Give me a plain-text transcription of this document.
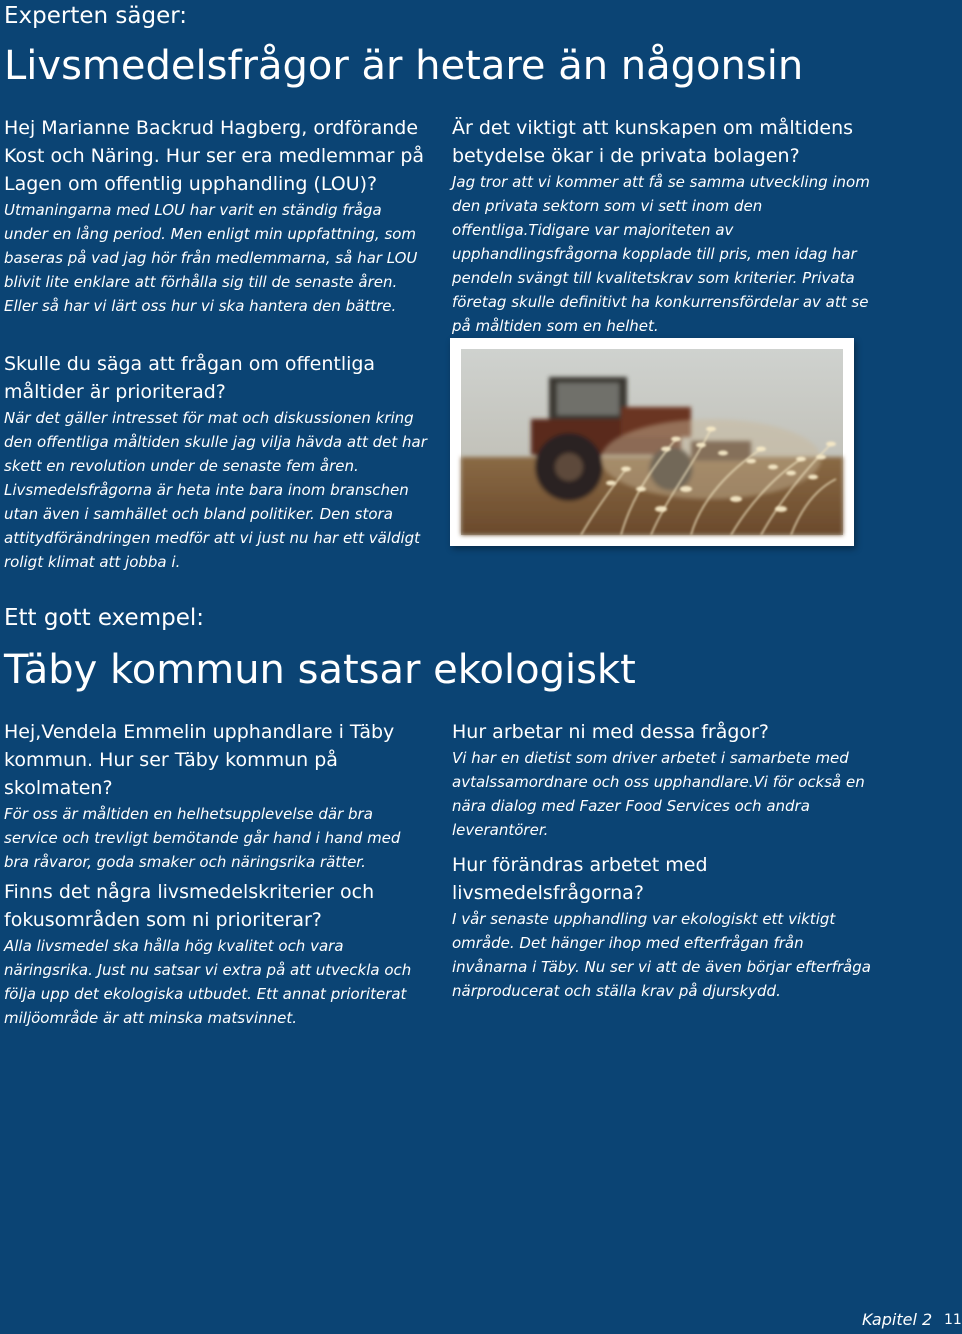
Experten säger:
Livsmedelsfrågor är hetare än någonsin

Hej Marianne Backrud Hagberg, ordförande Kost och Näring. Hur ser era medlemmar på Lagen om offentlig upphandling (LOU)?

Utmaningarna med LOU har varit en ständig fråga under en lång period. Men enligt min uppfattning, som baseras på vad jag hör från medlemmarna, så har LOU blivit lite enklare att förhålla sig till de senaste åren. Eller så har vi lärt oss hur vi ska hantera den bättre.

Är det viktigt att kunskapen om måltidens betydelse ökar i de privata bolagen?

Jag tror att vi kommer att få se samma utveckling inom den privata sektorn som vi sett inom den offentliga.Tidigare var majoriteten av upphandlingsfrågorna kopplade till pris, men idag har pendeln svängt till kvalitetskrav som kriterier. Privata företag skulle definitivt ha konkurrensfördelar av att se på måltiden som en helhet.

Skulle du säga att frågan om offentliga måltider är prioriterad?

När det gäller intresset för mat och diskussionen kring den offentliga måltiden skulle jag vilja hävda att det har skett en revolution under de senaste fem åren. Livsmedelsfrågorna är heta inte bara inom branschen utan även i samhället och bland politiker. Den stora attitydförändringen medför att vi just nu har ett väldigt roligt klimat att jobba i.

Ett gott exempel:
Täby kommun satsar ekologiskt

Hej,Vendela Emmelin upphandlare i Täby kommun. Hur ser Täby kommun på skolmaten?

För oss är måltiden en helhetsupplevelse där bra service och trevligt bemötande går hand i hand med bra råvaror, goda smaker och näringsrika rätter.

Finns det några livsmedelskriterier och fokusområden som ni prioriterar?

Alla livsmedel ska hålla hög kvalitet och vara näringsrika. Just nu satsar vi extra på att utveckla och följa upp det ekologiska utbudet. Ett annat prioriterat miljöområde är att minska matsvinnet.

Hur arbetar ni med dessa frågor?

Vi har en dietist som driver arbetet i samarbete med avtalssamordnare och oss upphandlare.Vi för också en nära dialog med Fazer Food Services och andra leverantörer.

Hur förändras arbetet med livsmedelsfrågorna?

I vår senaste upphandling var ekologiskt ett viktigt område. Det hänger ihop med efterfrågan från invånarna i Täby. Nu ser vi att de även börjar efterfråga närproducerat och ställa krav på djurskydd.

Kapitel 2 11
